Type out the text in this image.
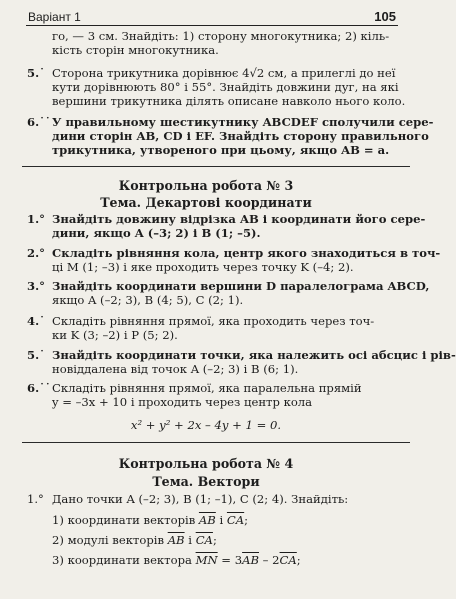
Варіант 1	105
го, — 3 см. Знайдіть: 1) сторону многокутника; 2) кіль-
кість сторін многокутника.
5.˙ Сторона трикутника дорівнює 4√2 см, а прилеглі до неї
кути дорівнюють 80° і 55°. Знайдіть довжини дуг, на які
вершини трикутника ділять описане навколо нього коло.
6.˙˙ У правильному шестикутнику ABCDEF сполучили сере-
дини сторін AB, CD і EF. Знайдіть сторону правильного
трикутника, утвореного при цьому, якщо AB = a.
Контрольна робота № 3
Тема. Декартові координати
1.° Знайдіть довжину відрізка AB і координати його сере-
дини, якщо A (–3; 2) і B (1; –5).
2.° Складіть рівняння кола, центр якого знаходиться в точ-
ці M (1; –3) і яке проходить через точку K (–4; 2).
3.° Знайдіть координати вершини D паралелограма ABCD,
якщо A (–2; 3), B (4; 5), C (2; 1).
4.˙ Складіть рівняння прямої, яка проходить через точ-
ки K (3; –2) і P (5; 2).
5.˙ Знайдіть координати точки, яка належить осі абсцис і рів-
новіддалена від точок A (–2; 3) і B (6; 1).
6.˙˙ Складіть рівняння прямої, яка паралельна прямій
y = –3x + 10 і проходить через центр кола
x² + y² + 2x – 4y + 1 = 0.
Контрольна робота № 4
Тема. Вектори
1.° Дано точки A (–2; 3), B (1; –1), C (2; 4). Знайдіть:
1) координати векторів $\overline{AB}$ і $\overline{CA}$;
2) модулі векторів $\overline{AB}$ і $\overline{CA}$;
3) координати вектора $\overline{MN} = 3\overline{AB} - 2\overline{CA}$;
